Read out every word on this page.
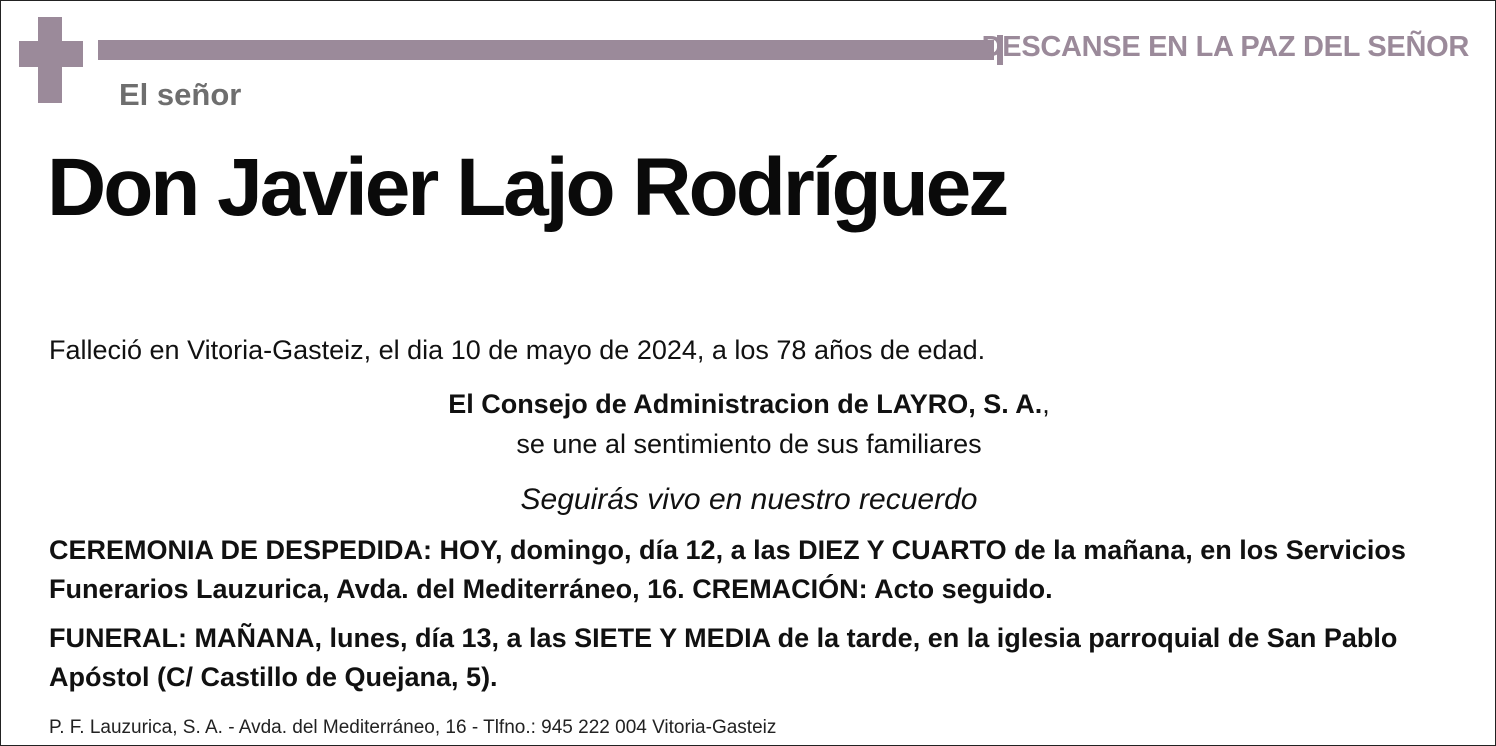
DESCANSE EN LA PAZ DEL SEÑOR
El señor
Don Javier Lajo Rodríguez
Falleció en Vitoria-Gasteiz, el dia 10 de mayo de 2024, a los 78 años de edad.
El Consejo de Administracion de LAYRO, S. A.,
se une al sentimiento de sus familiares
Seguirás vivo en nuestro recuerdo
CEREMONIA DE DESPEDIDA: HOY, domingo, día 12, a las DIEZ Y CUARTO de la mañana, en los Servicios Funerarios Lauzurica, Avda. del Mediterráneo, 16. CREMACIÓN: Acto seguido.
FUNERAL: MAÑANA, lunes, día 13, a las SIETE Y MEDIA de la tarde, en la iglesia parroquial de San Pablo Apóstol (C/ Castillo de Quejana, 5).
P. F. Lauzurica, S. A. - Avda. del Mediterráneo, 16 - Tlfno.: 945 222 004 Vitoria-Gasteiz
